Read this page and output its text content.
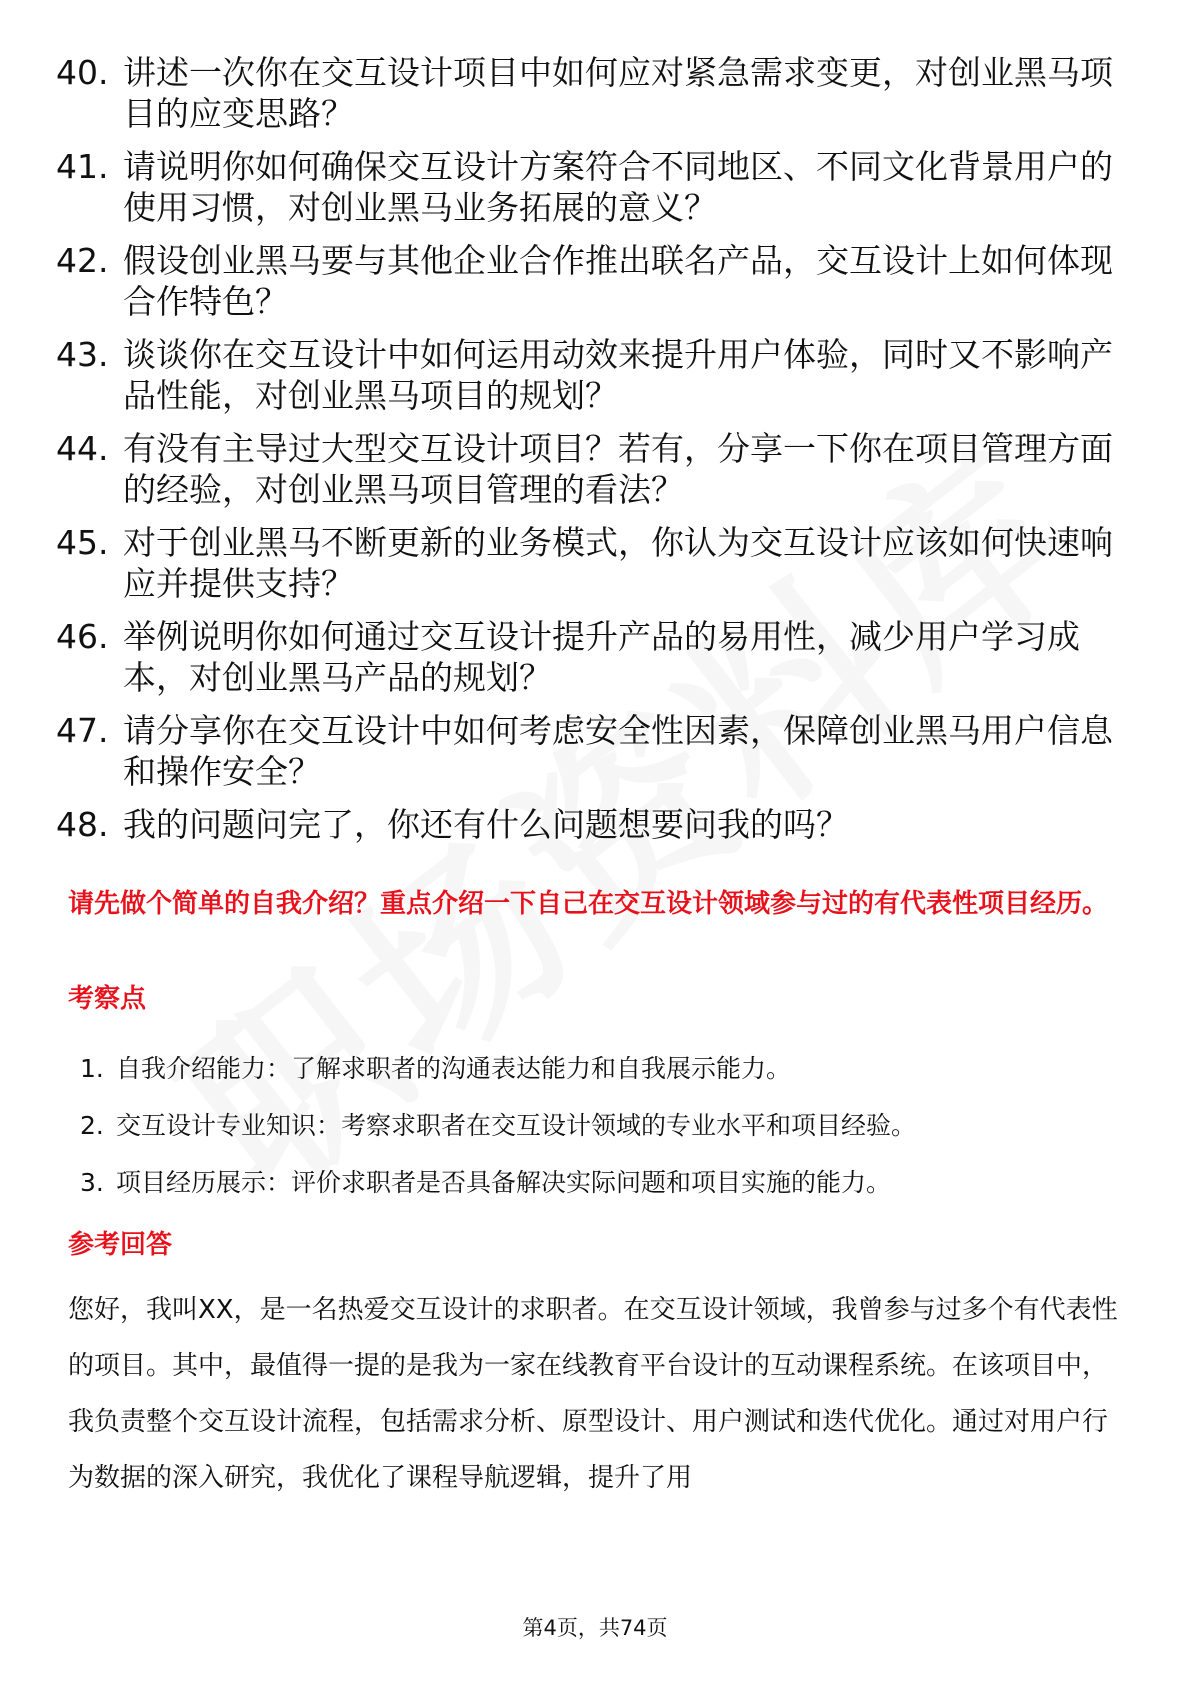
40. 讲述一次你在交互设计项目中如何应对紧急需求变更，对创业黑马项目的应变思路？
41. 请说明你如何确保交互设计方案符合不同地区、不同文化背景用户的使用习惯，对创业黑马业务拓展的意义？
42. 假设创业黑马要与其他企业合作推出联名产品，交互设计上如何体现合作特色？
43. 谈谈你在交互设计中如何运用动效来提升用户体验，同时又不影响产品性能，对创业黑马项目的规划？
44. 有没有主导过大型交互设计项目？若有，分享一下你在项目管理方面的经验，对创业黑马项目管理的看法？
45. 对于创业黑马不断更新的业务模式，你认为交互设计应该如何快速响应并提供支持？
46. 举例说明你如何通过交互设计提升产品的易用性，减少用户学习成本，对创业黑马产品的规划？
47. 请分享你在交互设计中如何考虑安全性因素，保障创业黑马用户信息和操作安全？
48. 我的问题问完了，你还有什么问题想要问我的吗？
请先做个简单的自我介绍？重点介绍一下自己在交互设计领域参与过的有代表性项目经历。
考察点
1. 自我介绍能力：了解求职者的沟通表达能力和自我展示能力。
2. 交互设计专业知识：考察求职者在交互设计领域的专业水平和项目经验。
3. 项目经历展示：评价求职者是否具备解决实际问题和项目实施的能力。
参考回答

您好，我叫XX，是一名热爱交互设计的求职者。在交互设计领域，我曾参与过多个有代表性的项目。其中，最值得一提的是我为一家在线教育平台设计的互动课程系统。在该项目中，我负责整个交互设计流程，包括需求分析、原型设计、用户测试和迭代优化。通过对用户行为数据的深入研究，我优化了课程导航逻辑，提升了用

第4页，共74页
